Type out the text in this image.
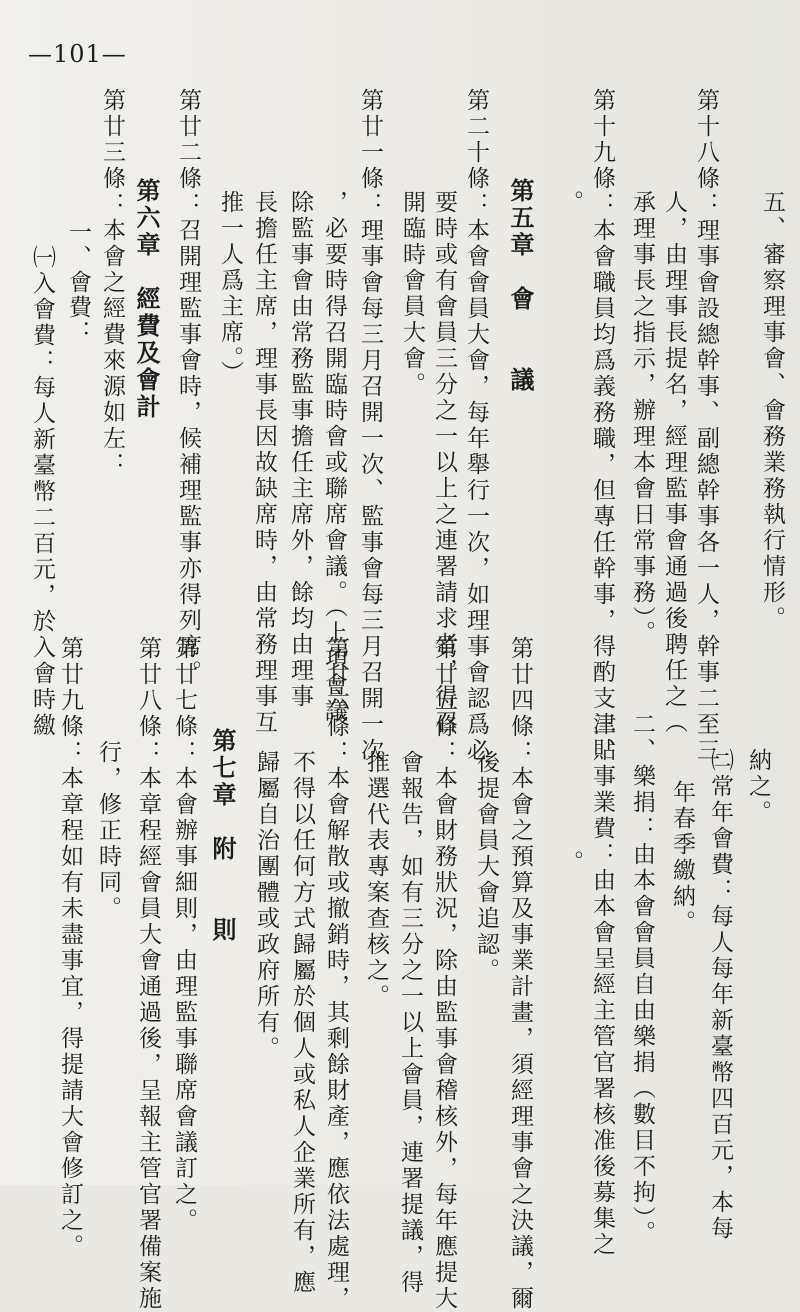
—101—
五、審察理事會、會務業務執行情形。
第十八條：理事會設總幹事、副總幹事各一人，幹事二至三
人，由理事長提名，經理監事會通過後聘任之（
承理事長之指示，辦理本會日常事務）。
第十九條：本會職員均爲義務職，但專任幹事，得酌支津貼
。
第五章　會　　議
第二十條：本會會員大會，每年舉行一次，如理事會認爲必
要時或有會員三分之一以上之連署請求者，得召
開臨時會員大會。
第廿一條：理事會每三月召開一次、監事會每三月召開一次
，必要時得召開臨時會或聯席會議。（上項會議
除監事會由常務監事擔任主席外，餘均由理事
長擔任主席，理事長因故缺席時，由常務理事互
推一人爲主席。）
第廿二條：召開理監事會時，候補理監事亦得列席。
第六章　經費及會計
第廿三條：本會之經費來源如左：
一、會費：
㈠入會費：每人新臺幣二百元，於入會時繳
納之。
㈡常年會費：每人每年新臺幣四百元，本每
年春季繳納。
二、樂捐：由本會會員自由樂捐（數目不拘）。
三、事業費：由本會呈經主管官署核准後募集之
。
第廿四條：本會之預算及事業計畫，須經理事會之決議，爾
後提會員大會追認。
第廿五條：本會財務狀況，除由監事會稽核外，每年應提大
會報告，如有三分之一以上會員，連署提議，得
推選代表專案查核之。
第廿六條：本會解散或撤銷時，其剩餘財產，應依法處理，
不得以任何方式歸屬於個人或私人企業所有，應
歸屬自治團體或政府所有。
第七章　附　　則
第廿七條：本會辦事細則，由理監事聯席會議訂之。
第廿八條：本章程經會員大會通過後，呈報主管官署備案施
行，修正時同。
第廿九條：本章程如有未盡事宜，得提請大會修訂之。
